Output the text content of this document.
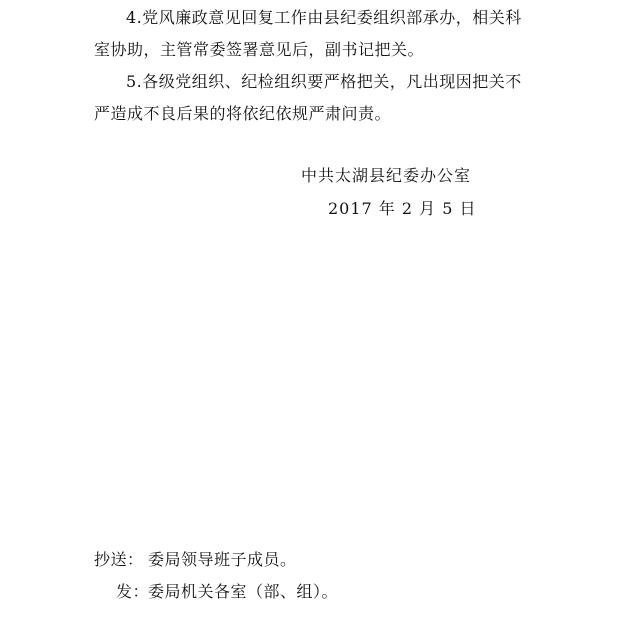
4.党风廉政意见回复工作由县纪委组织部承办，相关科
室协助，主管常委签署意见后，副书记把关。
5.各级党组织、纪检组织要严格把关，凡出现因把关不
严造成不良后果的将依纪依规严肃问责。
中共太湖县纪委办公室
2017 年 2 月 5 日
抄送： 委局领导班子成员。
发：
委局机关各室（部、组）。
